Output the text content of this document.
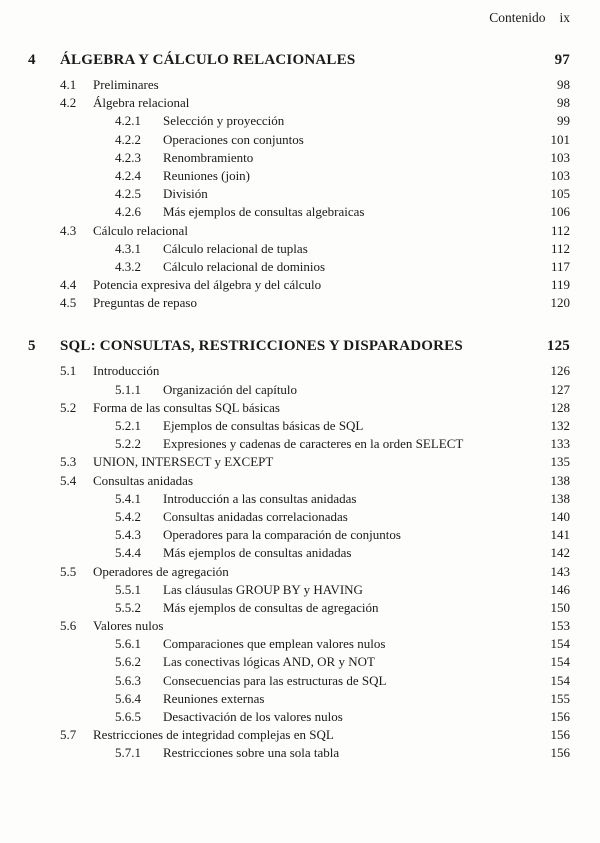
Contenido ix
4	ÁLGEBRA Y CÁLCULO RELACIONALES	97
4.1	Preliminares	98
4.2	Álgebra relacional	98
4.2.1	Selección y proyección	99
4.2.2	Operaciones con conjuntos	101
4.2.3	Renombramiento	103
4.2.4	Reuniones (join)	103
4.2.5	División	105
4.2.6	Más ejemplos de consultas algebraicas	106
4.3	Cálculo relacional	112
4.3.1	Cálculo relacional de tuplas	112
4.3.2	Cálculo relacional de dominios	117
4.4	Potencia expresiva del álgebra y del cálculo	119
4.5	Preguntas de repaso	120
5	SQL: CONSULTAS, RESTRICCIONES Y DISPARADORES	125
5.1	Introducción	126
5.1.1	Organización del capítulo	127
5.2	Forma de las consultas SQL básicas	128
5.2.1	Ejemplos de consultas básicas de SQL	132
5.2.2	Expresiones y cadenas de caracteres en la orden SELECT	133
5.3	UNION, INTERSECT y EXCEPT	135
5.4	Consultas anidadas	138
5.4.1	Introducción a las consultas anidadas	138
5.4.2	Consultas anidadas correlacionadas	140
5.4.3	Operadores para la comparación de conjuntos	141
5.4.4	Más ejemplos de consultas anidadas	142
5.5	Operadores de agregación	143
5.5.1	Las cláusulas GROUP BY y HAVING	146
5.5.2	Más ejemplos de consultas de agregación	150
5.6	Valores nulos	153
5.6.1	Comparaciones que emplean valores nulos	154
5.6.2	Las conectivas lógicas AND, OR y NOT	154
5.6.3	Consecuencias para las estructuras de SQL	154
5.6.4	Reuniones externas	155
5.6.5	Desactivación de los valores nulos	156
5.7	Restricciones de integridad complejas en SQL	156
5.7.1	Restricciones sobre una sola tabla	156
